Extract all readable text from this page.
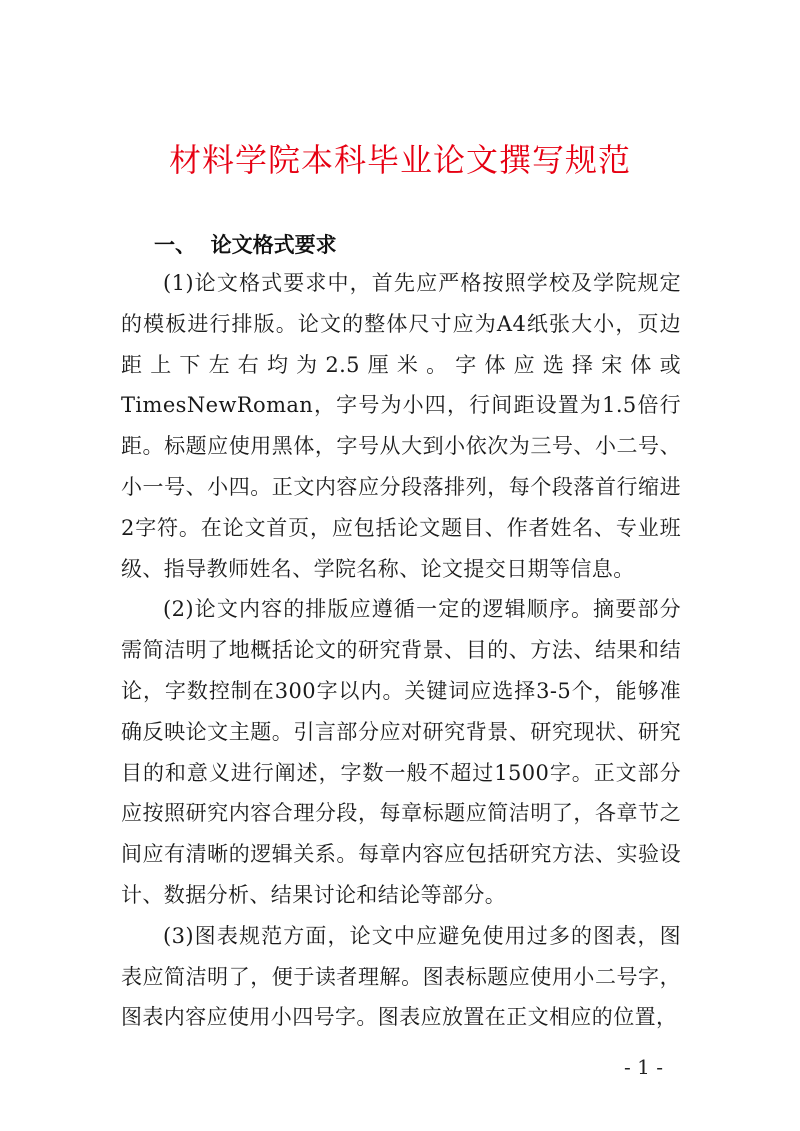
材料学院本科毕业论文撰写规范
一、  论文格式要求

(1)论文格式要求中，首先应严格按照学校及学院规定的模板进行排版。论文的整体尺寸应为A4纸张大小，页边距上下左右均为2.5厘米。字体应选择宋体或TimesNewRoman，字号为小四，行间距设置为1.5倍行距。标题应使用黑体，字号从大到小依次为三号、小二号、小一号、小四。正文内容应分段落排列，每个段落首行缩进2字符。在论文首页，应包括论文题目、作者姓名、专业班级、指导教师姓名、学院名称、论文提交日期等信息。

(2)论文内容的排版应遵循一定的逻辑顺序。摘要部分需简洁明了地概括论文的研究背景、目的、方法、结果和结论，字数控制在300字以内。关键词应选择3-5个，能够准确反映论文主题。引言部分应对研究背景、研究现状、研究目的和意义进行阐述，字数一般不超过1500字。正文部分应按照研究内容合理分段，每章标题应简洁明了，各章节之间应有清晰的逻辑关系。每章内容应包括研究方法、实验设计、数据分析、结果讨论和结论等部分。

(3)图表规范方面，论文中应避免使用过多的图表，图表应简洁明了，便于读者理解。图表标题应使用小二号字，图表内容应使用小四号字。图表应放置在正文相应的位置，

- 1 -
